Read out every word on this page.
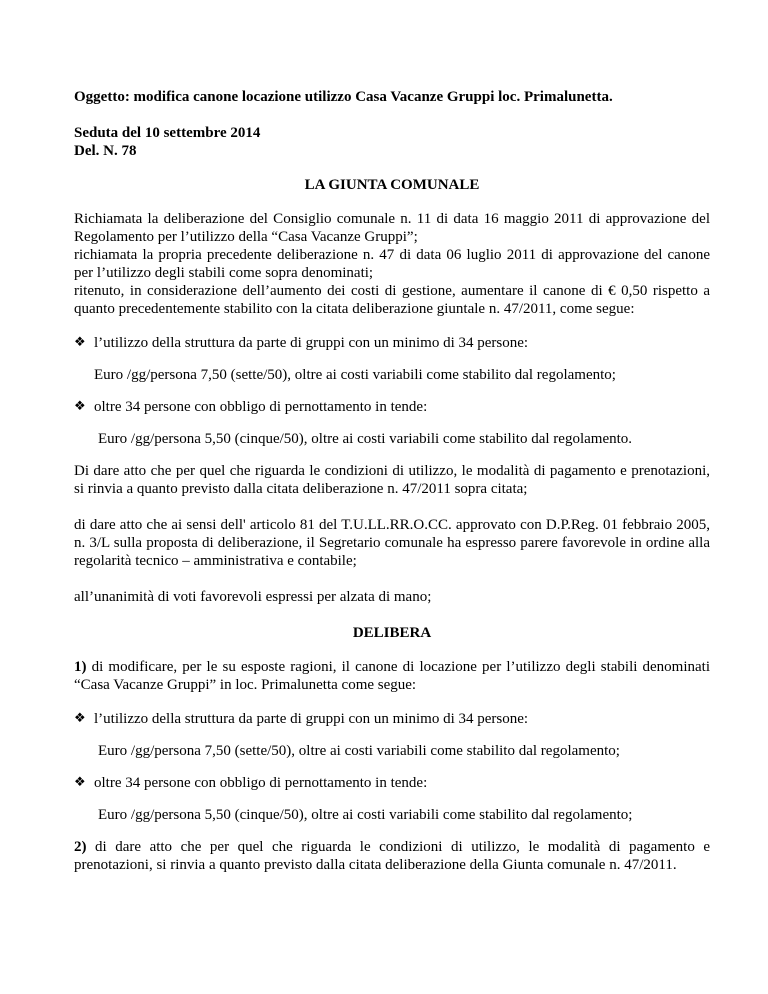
Oggetto: modifica canone locazione utilizzo Casa Vacanze Gruppi loc. Primalunetta.

Seduta del 10 settembre 2014
Del. N. 78

LA GIUNTA COMUNALE

Richiamata la deliberazione del Consiglio comunale n. 11 di data 16 maggio 2011 di approvazione del Regolamento per l’utilizzo della “Casa Vacanze Gruppi”;

richiamata la propria precedente deliberazione n. 47 di data 06 luglio 2011 di approvazione del canone per l’utilizzo degli stabili come sopra denominati;

ritenuto, in considerazione dell’aumento dei costi di gestione, aumentare il canone di € 0,50 rispetto a quanto precedentemente stabilito con la citata deliberazione giuntale n. 47/2011, come segue:

❖ l’utilizzo della struttura da parte di gruppi con un minimo di 34 persone:

Euro /gg/persona 7,50 (sette/50), oltre ai costi variabili come stabilito dal regolamento;

❖ oltre 34 persone con obbligo di pernottamento in tende:

Euro /gg/persona 5,50 (cinque/50), oltre ai costi variabili come stabilito dal regolamento.

Di dare atto che per quel che riguarda le condizioni di utilizzo, le modalità di pagamento e prenotazioni, si rinvia a quanto previsto dalla citata deliberazione n. 47/2011 sopra citata;

di dare atto che ai sensi dell' articolo 81 del T.U.LL.RR.O.CC. approvato con D.P.Reg. 01 febbraio 2005, n. 3/L sulla proposta di deliberazione, il Segretario comunale ha espresso parere favorevole in ordine alla regolarità tecnico – amministrativa e contabile;

all’unanimità di voti favorevoli espressi per alzata di mano;

DELIBERA

1) di modificare, per le su esposte ragioni, il canone di locazione per l’utilizzo degli stabili denominati “Casa Vacanze Gruppi” in loc. Primalunetta come segue:

❖ l’utilizzo della struttura da parte di gruppi con un minimo di 34 persone:

Euro /gg/persona 7,50 (sette/50), oltre ai costi variabili come stabilito dal regolamento;

❖ oltre 34 persone con obbligo di pernottamento in tende:

Euro /gg/persona 5,50 (cinque/50), oltre ai costi variabili come stabilito dal regolamento;

2) di dare atto che per quel che riguarda le condizioni di utilizzo, le modalità di pagamento e prenotazioni, si rinvia a quanto previsto dalla citata deliberazione della Giunta comunale n. 47/2011.
